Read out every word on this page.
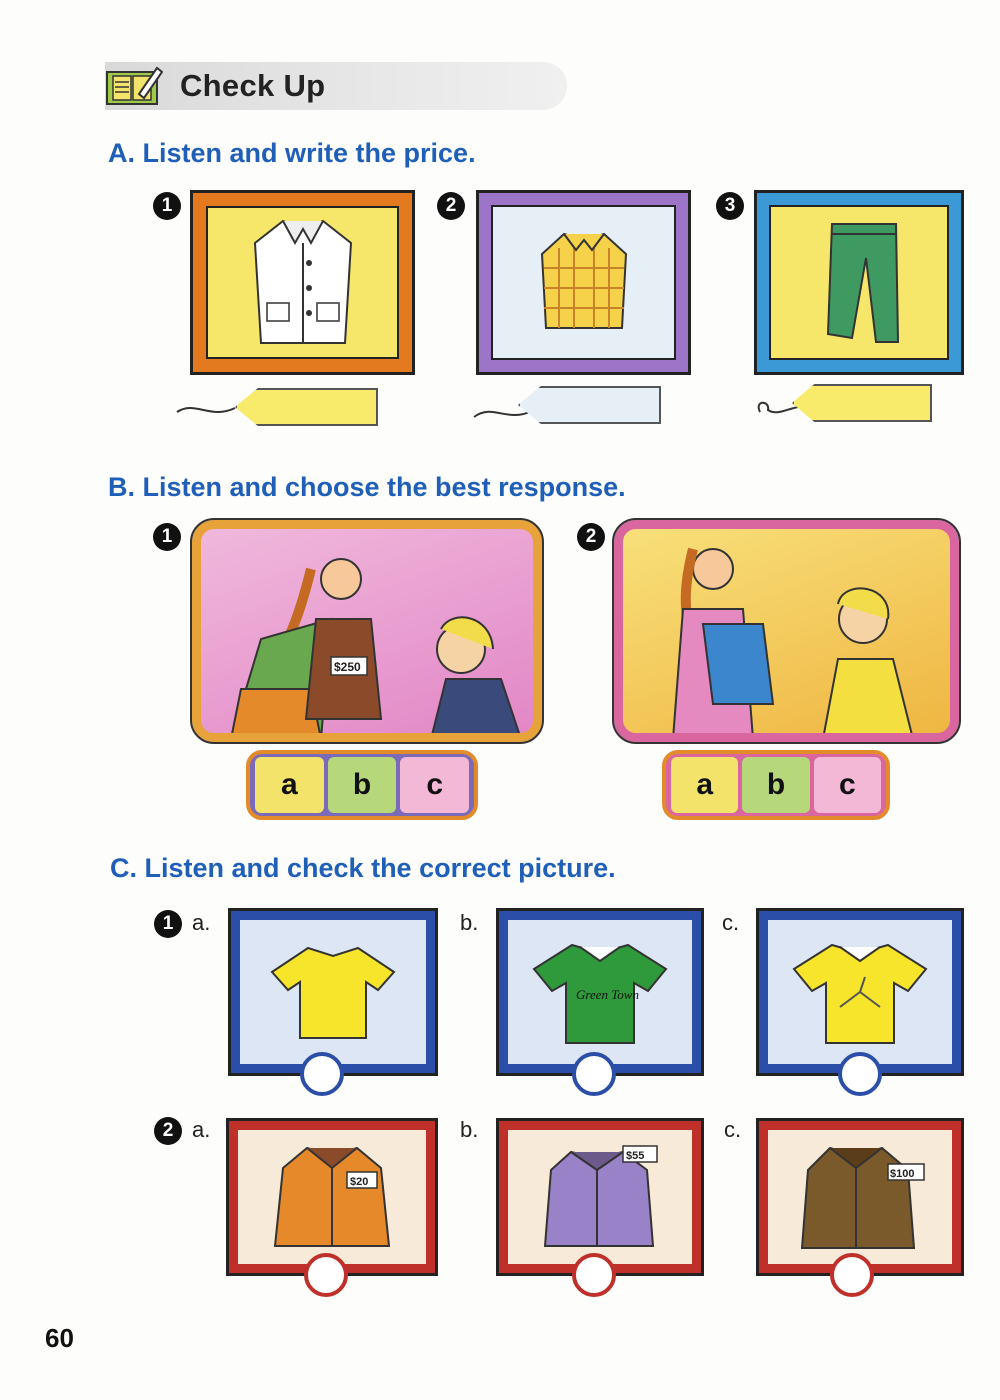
Check Up
A. Listen and write the price.
1	2	3
B. Listen and choose the best response.
1
$250
a	b	c
2
a	b	c
C. Listen and check the correct picture.
1 a.	b.	c.
Green Town
2 a.	b.	c.
$20
$55
$100
60
